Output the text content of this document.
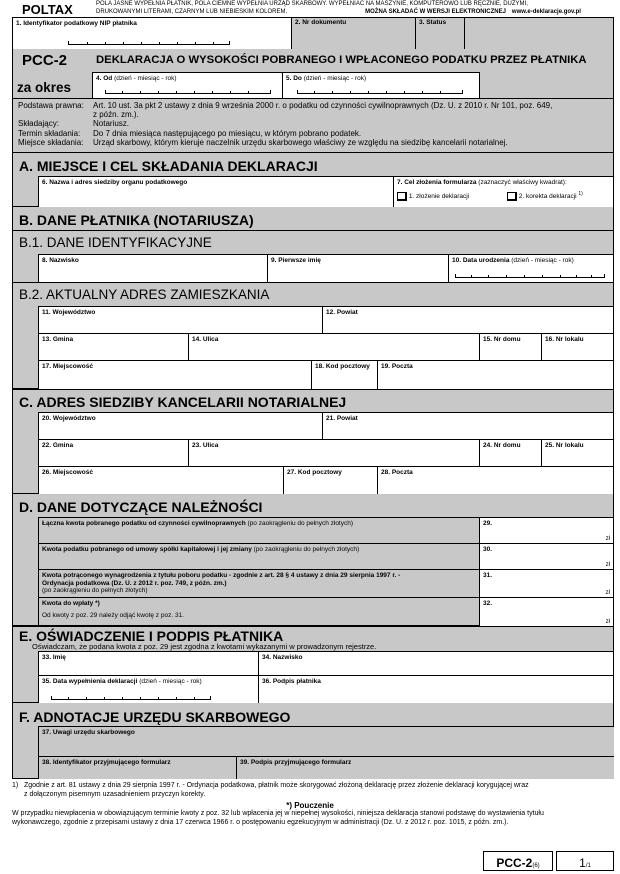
POLTAX	POLA JASNE WYPEŁNIA PŁATNIK, POLA CIEMNE WYPEŁNIA URZĄD SKARBOWY. WYPEŁNIAĆ NA MASZYNIE, KOMPUTEROWO LUB RĘCZNIE, DUŻYMI,
DRUKOWANYMI LITERAMI, CZARNYM LUB NIEBIESKIM KOLOREM.	MOŻNA SKŁADAĆ W WERSJI ELEKTRONICZNEJ www.e-deklaracje.gov.pl
1. Identyfikator podatkowy NIP płatnika	2. Nr dokumentu	3. Status
PCC-2	DEKLARACJA O WYSOKOŚCI POBRANEGO I WPŁACONEGO PODATKU PRZEZ PŁATNIKA
za okres
4. Od (dzień - miesiąc - rok)	5. Do (dzień - miesiąc - rok)
Podstawa prawna:	Art. 10 ust. 3a pkt 2 ustawy z dnia 9 września 2000 r. o podatku od czynności cywilnoprawnych (Dz. U. z 2010 r. Nr 101, poz. 649,
z późn. zm.).
Składający:	Notariusz.
Termin składania:	Do 7 dnia miesiąca następującego po miesiącu, w którym pobrano podatek.
Miejsce składania:	Urząd skarbowy, którym kieruje naczelnik urzędu skarbowego właściwy ze względu na siedzibę kancelarii notarialnej.
A. MIEJSCE I CEL SKŁADANIA DEKLARACJI
6. Nazwa i adres siedziby organu podatkowego	7. Cel złożenia formularza (zaznaczyć właściwy kwadrat):
1. złożenie deklaracji	2. korekta deklaracji $^{1)}$
B. DANE PŁATNIKA (NOTARIUSZA)
B.1. DANE IDENTYFIKACYJNE
8. Nazwisko	9. Pierwsze imię	10. Data urodzenia (dzień - miesiąc - rok)
B.2. AKTUALNY ADRES ZAMIESZKANIA
11. Województwo	12. Powiat
13. Gmina	14. Ulica	15. Nr domu	16. Nr lokalu
17. Miejscowość	18. Kod pocztowy	19. Poczta
C. ADRES SIEDZIBY KANCELARII NOTARIALNEJ
20. Województwo	21. Powiat
22. Gmina	23. Ulica	24. Nr domu	25. Nr lokalu
26. Miejscowość	27. Kod pocztowy	28. Poczta
D. DANE DOTYCZĄCE NALEŻNOŚCI
Łączna kwota pobranego podatku od czynności cywilnoprawnych (po zaokrągleniu do pełnych złotych)	29.
zł
Kwota podatku pobranego od umowy spółki kapitałowej i jej zmiany (po zaokrągleniu do pełnych złotych)	30.
zł
Kwota potrąconego wynagrodzenia z tytułu poboru podatku - zgodnie z art. 28 § 4 ustawy z dnia 29 sierpnia 1997 r. -
Ordynacja podatkowa (Dz. U. z 2012 r. poz. 749, z późn. zm.)
(po zaokrągleniu do pełnych złotych)
31.
zł
Kwota do wpłaty *)
Od kwoty z poz. 29 należy odjąć kwotę z poz. 31.
32.
zł
E. OŚWIADCZENIE I PODPIS PŁATNIKA
Oświadczam, że podana kwota z poz. 29 jest zgodna z kwotami wykazanymi w prowadzonym rejestrze.
33. Imię	34. Nazwisko
35. Data wypełnienia deklaracji (dzień - miesiąc - rok)	36. Podpis płatnika
F. ADNOTACJE URZĘDU SKARBOWEGO
37. Uwagi urzędu skarbowego
38. Identyfikator przyjmującego formularz	39. Podpis przyjmującego formularz
1) Zgodnie z art. 81 ustawy z dnia 29 sierpnia 1997 r. - Ordynacja podatkowa, płatnik może skorygować złożoną deklarację przez złożenie deklaracji korygującej wraz
z dołączonym pisemnym uzasadnieniem przyczyn korekty.
*) Pouczenie
W przypadku niewpłacenia w obowiązującym terminie kwoty z poz. 32 lub wpłacenia jej w niepełnej wysokości, niniejsza deklaracja stanowi podstawę do wystawienia tytułu
wykonawczego, zgodnie z przepisami ustawy z dnia 17 czerwca 1966 r. o postępowaniu egzekucyjnym w administracji (Dz. U. z 2012 r. poz. 1015, z późn. zm.).
PCC-2(6)	1/1
